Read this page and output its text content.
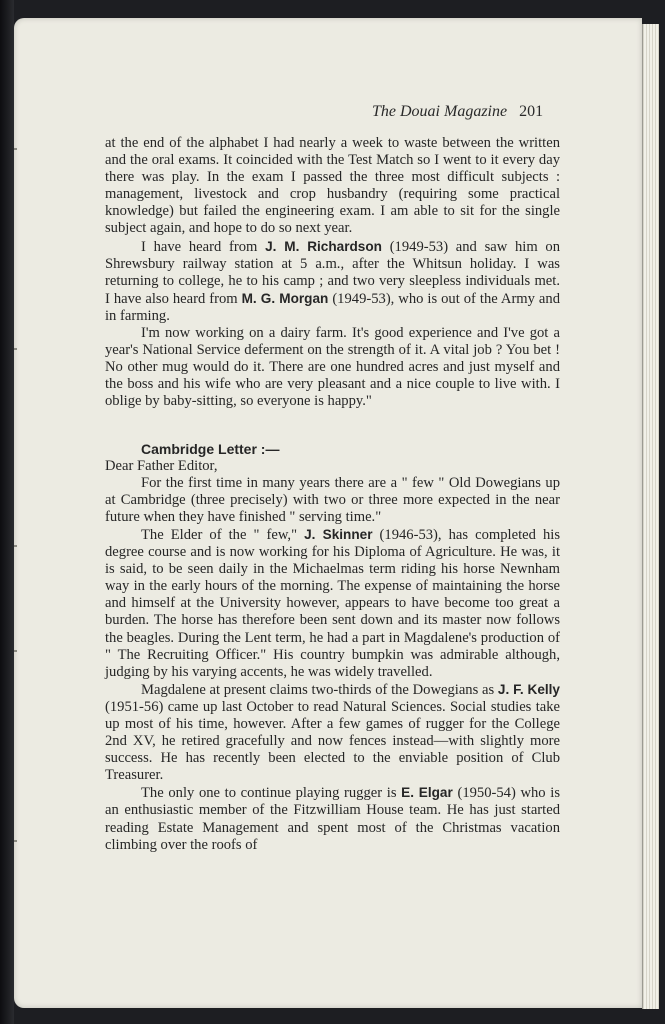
The Douai Magazine 201

at the end of the alphabet I had nearly a week to waste between the written and the oral exams. It coincided with the Test Match so I went to it every day there was play. In the exam I passed the three most difficult subjects : management, livestock and crop husbandry (requiring some practical knowledge) but failed the engineering exam. I am able to sit for the single subject again, and hope to do so next year.

I have heard from J. M. Richardson (1949-53) and saw him on Shrewsbury railway station at 5 a.m., after the Whitsun holiday. I was returning to college, he to his camp ; and two very sleepless individuals met. I have also heard from M. G. Morgan (1949-53), who is out of the Army and in farming.

I'm now working on a dairy farm. It's good experience and I've got a year's National Service deferment on the strength of it. A vital job ? You bet ! No other mug would do it. There are one hundred acres and just myself and the boss and his wife who are very pleasant and a nice couple to live with. I oblige by baby-sitting, so everyone is happy."

Cambridge Letter :—

Dear Father Editor,

For the first time in many years there are a " few " Old Dowegians up at Cambridge (three precisely) with two or three more expected in the near future when they have finished " serving time."

The Elder of the " few," J. Skinner (1946-53), has completed his degree course and is now working for his Diploma of Agriculture. He was, it is said, to be seen daily in the Michaelmas term riding his horse Newnham way in the early hours of the morning. The expense of maintaining the horse and himself at the University however, appears to have become too great a burden. The horse has therefore been sent down and its master now follows the beagles. During the Lent term, he had a part in Magdalene's production of " The Recruiting Officer." His country bumpkin was admirable although, judging by his varying accents, he was widely travelled.

Magdalene at present claims two-thirds of the Dowegians as J. F. Kelly (1951-56) came up last October to read Natural Sciences. Social studies take up most of his time, however. After a few games of rugger for the College 2nd XV, he retired gracefully and now fences instead—with slightly more success. He has recently been elected to the enviable position of Club Treasurer.

The only one to continue playing rugger is E. Elgar (1950-54) who is an enthusiastic member of the Fitzwilliam House team. He has just started reading Estate Management and spent most of the Christmas vacation climbing over the roofs of
